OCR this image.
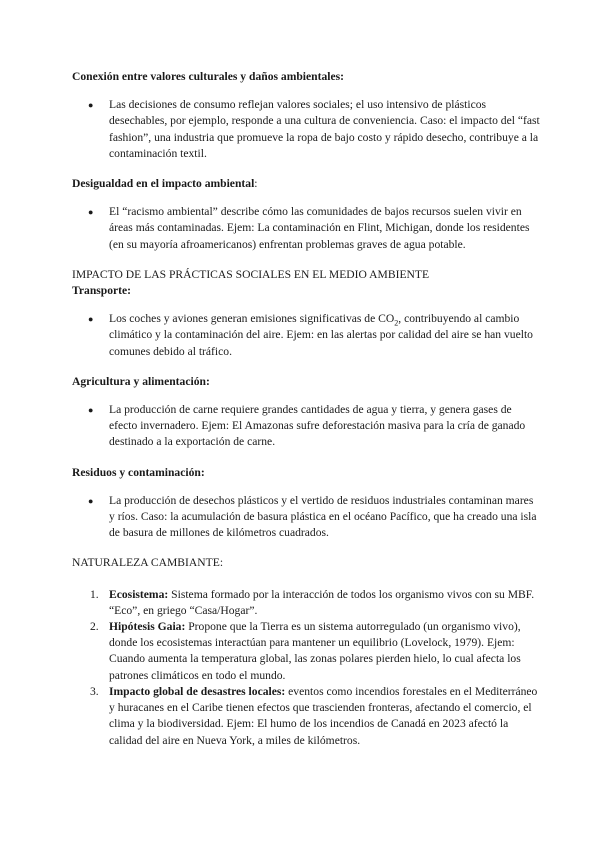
Conexión entre valores culturales y daños ambientales:

● Las decisiones de consumo reflejan valores sociales; el uso intensivo de plásticos desechables, por ejemplo, responde a una cultura de conveniencia. Caso: el impacto del “fast fashion”, una industria que promueve la ropa de bajo costo y rápido desecho, contribuye a la contaminación textil.

Desigualdad en el impacto ambiental:

● El “racismo ambiental” describe cómo las comunidades de bajos recursos suelen vivir en áreas más contaminadas. Ejem: La contaminación en Flint, Michigan, donde los residentes (en su mayoría afroamericanos) enfrentan problemas graves de agua potable.

IMPACTO DE LAS PRÁCTICAS SOCIALES EN EL MEDIO AMBIENTE

Transporte:

● Los coches y aviones generan emisiones significativas de $CO_2$, contribuyendo al cambio climático y la contaminación del aire. Ejem: en las alertas por calidad del aire se han vuelto comunes debido al tráfico.

Agricultura y alimentación:

● La producción de carne requiere grandes cantidades de agua y tierra, y genera gases de efecto invernadero. Ejem: El Amazonas sufre deforestación masiva para la cría de ganado destinado a la exportación de carne.

Residuos y contaminación:

● La producción de desechos plásticos y el vertido de residuos industriales contaminan mares y ríos. Caso: la acumulación de basura plástica en el océano Pacífico, que ha creado una isla de basura de millones de kilómetros cuadrados.

NATURALEZA CAMBIANTE:

1. Ecosistema: Sistema formado por la interacción de todos los organismo vivos con su MBF. “Eco”, en griego “Casa/Hogar”.
2. Hipótesis Gaia: Propone que la Tierra es un sistema autorregulado (un organismo vivo), donde los ecosistemas interactúan para mantener un equilibrio (Lovelock, 1979). Ejem: Cuando aumenta la temperatura global, las zonas polares pierden hielo, lo cual afecta los patrones climáticos en todo el mundo.
3. Impacto global de desastres locales: eventos como incendios forestales en el Mediterráneo y huracanes en el Caribe tienen efectos que trascienden fronteras, afectando el comercio, el clima y la biodiversidad. Ejem: El humo de los incendios de Canadá en 2023 afectó la calidad del aire en Nueva York, a miles de kilómetros.
